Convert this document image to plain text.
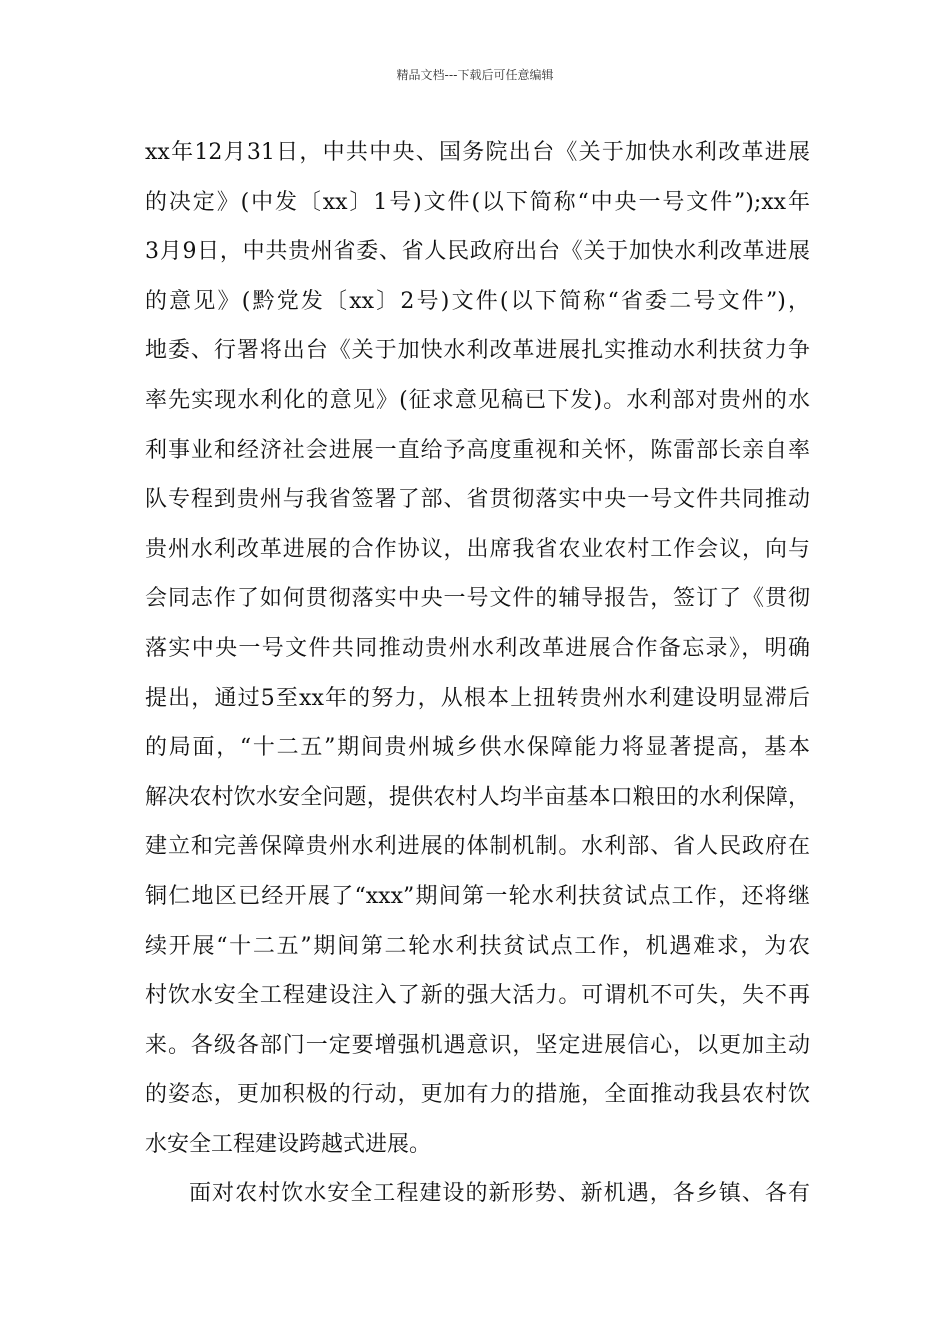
精品文档---下载后可任意编辑
xx年12月31日，中共中央、国务院出台《关于加快水利改革进展
的决定》(中发〔xx〕1号)文件(以下简称“中央一号文件”);xx年
3月9日，中共贵州省委、省人民政府出台《关于加快水利改革进展
的意见》(黔党发〔xx〕2号)文件(以下简称“省委二号文件”)，
地委、行署将出台《关于加快水利改革进展扎实推动水利扶贫力争
率先实现水利化的意见》(征求意见稿已下发)。水利部对贵州的水
利事业和经济社会进展一直给予高度重视和关怀，陈雷部长亲自率
队专程到贵州与我省签署了部、省贯彻落实中央一号文件共同推动
贵州水利改革进展的合作协议，出席我省农业农村工作会议，向与
会同志作了如何贯彻落实中央一号文件的辅导报告，签订了《贯彻
落实中央一号文件共同推动贵州水利改革进展合作备忘录》，明确
提出，通过5至xx年的努力，从根本上扭转贵州水利建设明显滞后
的局面，“十二五”期间贵州城乡供水保障能力将显著提高，基本
解决农村饮水安全问题，提供农村人均半亩基本口粮田的水利保障，
建立和完善保障贵州水利进展的体制机制。水利部、省人民政府在
铜仁地区已经开展了“xxx”期间第一轮水利扶贫试点工作，还将继
续开展“十二五”期间第二轮水利扶贫试点工作，机遇难求，为农
村饮水安全工程建设注入了新的强大活力。可谓机不可失，失不再
来。各级各部门一定要增强机遇意识，坚定进展信心，以更加主动
的姿态，更加积极的行动，更加有力的措施，全面推动我县农村饮
水安全工程建设跨越式进展。
面对农村饮水安全工程建设的新形势、新机遇，各乡镇、各有
